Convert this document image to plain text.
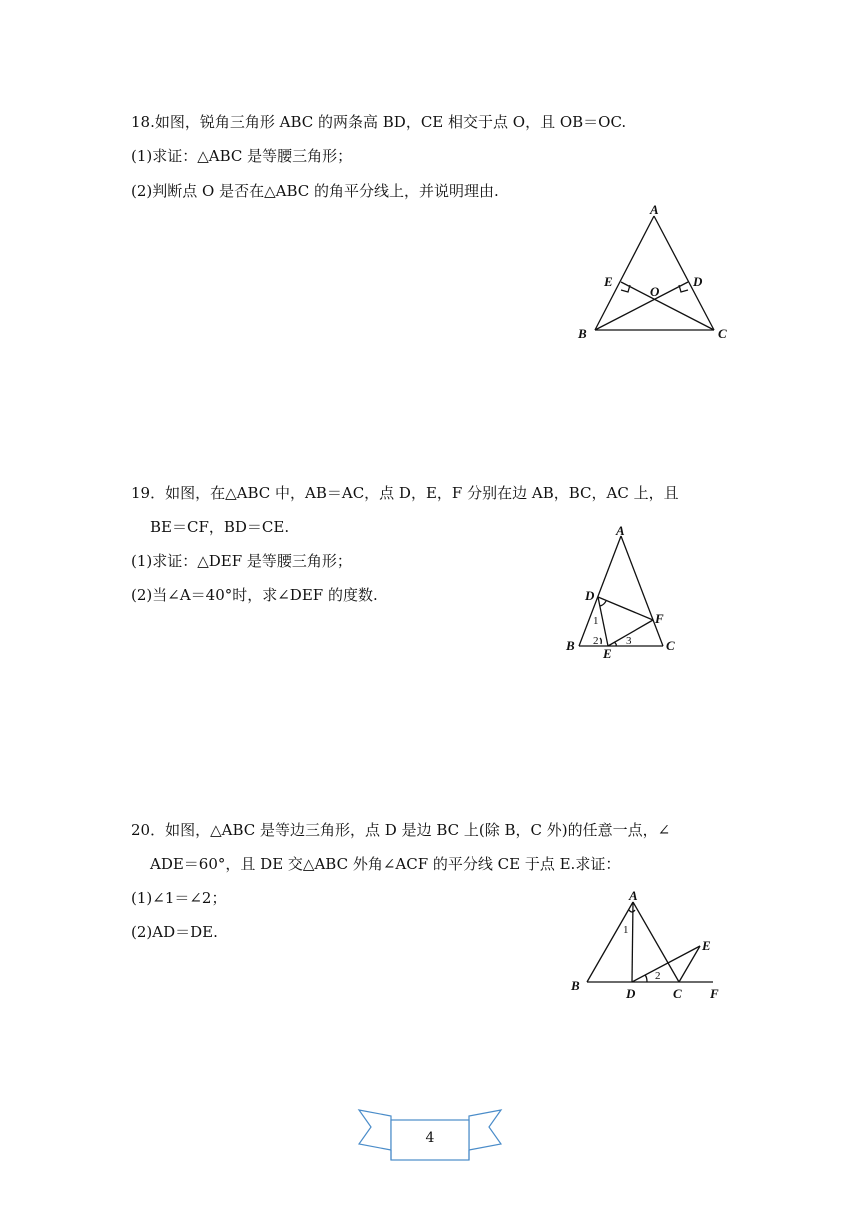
18.如图，锐角三角形 ABC 的两条高 BD，CE 相交于点 O，且 OB＝OC.
(1)求证：△ABC 是等腰三角形；
(2)判断点 O 是否在△ABC 的角平分线上，并说明理由.
A
B	C
D
E
O
19．如图，在△ABC 中，AB＝AC，点 D，E，F 分别在边 AB，BC，AC 上，且
BE＝CF，BD＝CE.
(1)求证：△DEF 是等腰三角形；
(2)当∠A＝40°时，求∠DEF 的度数.
A
B	C
D
E
F
1
2	3
20．如图，△ABC 是等边三角形，点 D 是边 BC 上(除 B，C 外)的任意一点，∠
ADE＝60°，且 DE 交△ABC 外角∠ACF 的平分线 CE 于点 E.求证：
(1)∠1＝∠2；
(2)AD＝DE.
A
B
C
D
E
F
1
2
4
